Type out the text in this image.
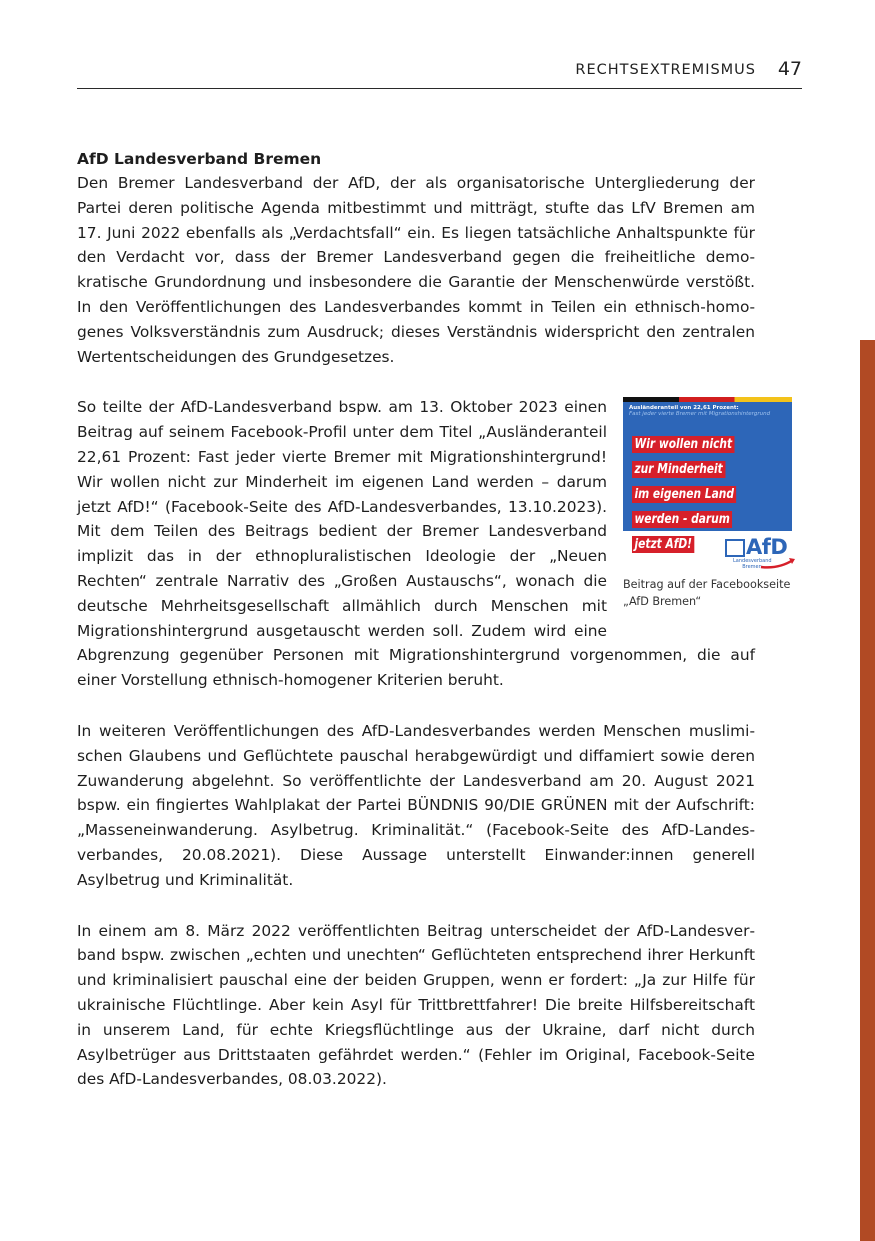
RECHTSEXTREMISMUS 47
AfD Landesverband Bremen

Den Bremer Landesverband der AfD, der als organisatorische Untergliederung der Partei deren politische Agenda mitbestimmt und mitträgt, stufte das LfV Bremen am 17. Juni 2022 ebenfalls als „Verdachtsfall“ ein. Es liegen tatsächliche Anhaltspunkte für den Verdacht vor, dass der Bremer Landesverband gegen die freiheitliche demokratische Grundordnung und insbesondere die Garantie der Menschenwürde verstößt. In den Veröffentlichungen des Landesverbandes kommt in Teilen ein ethnisch-homogenes Volksverständnis zum Ausdruck; dieses Verständnis widerspricht den zentralen Wertentscheidungen des Grundgesetzes.

Ausländeranteil von 22,61 Prozent:
Fast jeder vierte Bremer mit Migrationshintergrund
Wir wollen nicht
zur Minderheit
im eigenen Land
werden - darum
jetzt AfD!	AfD
Landesverband Bremen
Beitrag auf der Facebookseite „AfD Bremen“

So teilte der AfD-Landesverband bspw. am 13. Oktober 2023 einen Beitrag auf seinem Facebook-Profil unter dem Titel „Ausländeranteil 22,61 Prozent: Fast jeder vierte Bremer mit Migrationshintergrund! Wir wollen nicht zur Minderheit im eigenen Land werden – darum jetzt AfD!“ (Facebook-Seite des AfD-Landesverbandes, 13.10.2023). Mit dem Teilen des Beitrags bedient der Bremer Landesverband implizit das in der ethnopluralistischen Ideologie der „Neuen Rechten“ zentrale Narrativ des „Großen Austauschs“, wonach die deutsche Mehrheitsgesellschaft allmählich durch Menschen mit Migrationshintergrund ausgetauscht werden soll. Zudem wird eine Abgrenzung gegenüber Personen mit Migrationshintergrund vorgenommen, die auf einer Vorstellung ethnisch-homogener Kriterien beruht.

In weiteren Veröffentlichungen des AfD-Landesverbandes werden Menschen muslimischen Glaubens und Geflüchtete pauschal herabgewürdigt und diffamiert sowie deren Zuwanderung abgelehnt. So veröffentlichte der Landesverband am 20. August 2021 bspw. ein fingiertes Wahlplakat der Partei BÜNDNIS 90/DIE GRÜNEN mit der Aufschrift: „Masseneinwanderung. Asylbetrug. Kriminalität.“ (Facebook-Seite des AfD-Landesverbandes, 20.08.2021). Diese Aussage unterstellt Einwander:innen generell Asylbetrug und Kriminalität.

In einem am 8. März 2022 veröffentlichten Beitrag unterscheidet der AfD-Landesverband bspw. zwischen „echten und unechten“ Geflüchteten entsprechend ihrer Herkunft und kriminalisiert pauschal eine der beiden Gruppen, wenn er fordert: „Ja zur Hilfe für ukrainische Flüchtlinge. Aber kein Asyl für Trittbrettfahrer! Die breite Hilfsbereitschaft in unserem Land, für echte Kriegsflüchtlinge aus der Ukraine, darf nicht durch Asylbetrüger aus Drittstaaten gefährdet werden.“ (Fehler im Original, Facebook-Seite des AfD-Landesverbandes, 08.03.2022).
